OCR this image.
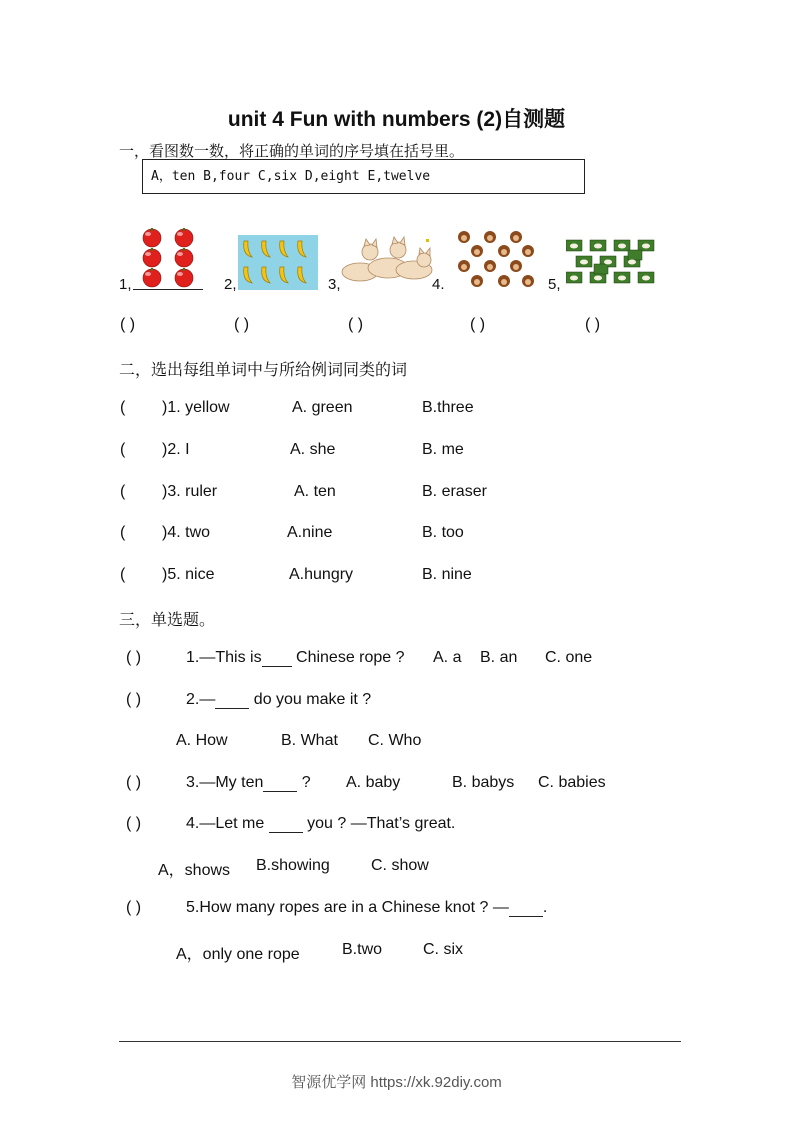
unit 4 Fun with numbers (2)自测题
一，看图数一数，将正确的单词的序号填在括号里。
A，ten B,four C,six D,eight E,twelve
1,	2,	3,	4.	5,
( )	( )	( )	( )	( )
二，选出每组单词中与所给例词同类的词
( )1. yellow	A. green	B.three
( )2. I	A. she	B. me
( )3. ruler	A. ten	B. eraser
( )4. two	A.nine	B. too
( )5. nice	A.hungry	B. nine
三，单选题。
( )	1.—This is Chinese rope ? A. a B. an C. one
( )	2.— do you make it ?
A. How	B. What C. Who
( )	3.—My ten ? A. baby	B. babys C. babies
( )	4.—Let me  you ? —That’s great.
A，shows B.showing	C. show
( )	5.How many ropes are in a Chinese knot ? — .
A，only one rope	B.two	C. six
智源优学网 https://xk.92diy.com
